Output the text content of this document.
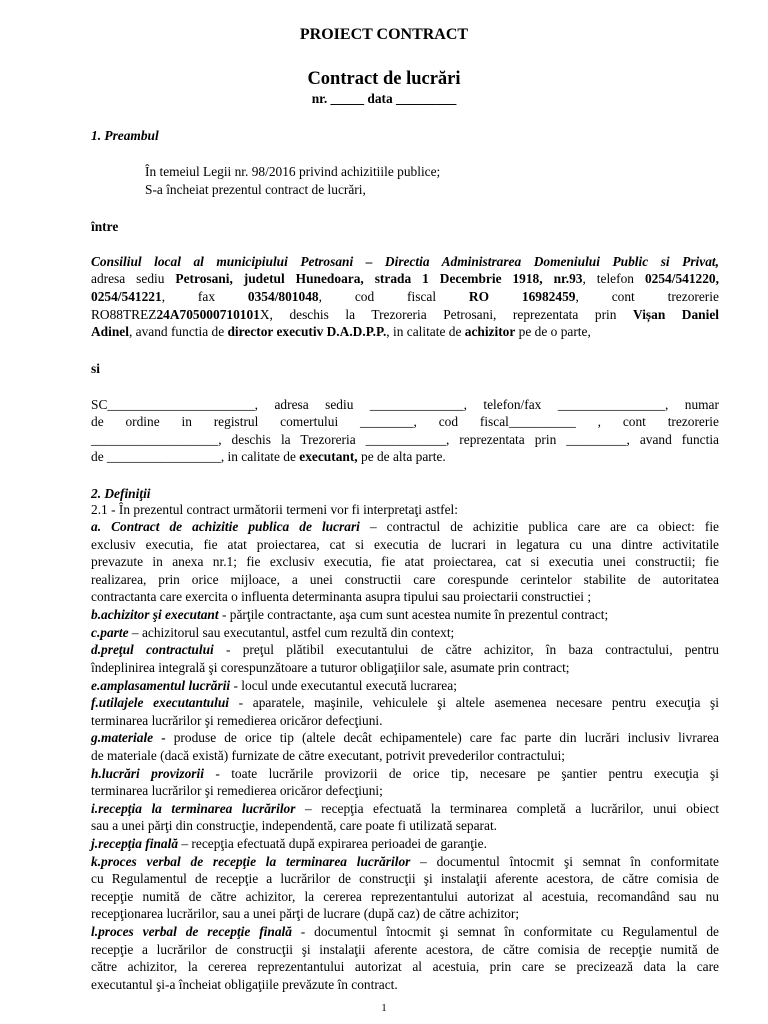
PROIECT CONTRACT
Contract de lucrări
nr. _____ data _________
1. Preambul
În temeiul Legii nr. 98/2016 privind achizitiile publice;
S-a încheiat prezentul contract de lucrări,
între
Consiliul local al municipiului Petrosani – Directia Administrarea Domeniului Public si Privat,
adresa sediu Petrosani, judetul Hunedoara, strada 1 Decembrie 1918, nr.93, telefon 0254/541220,
0254/541221, fax 0354/801048, cod fiscal RO 16982459, cont trezorerie
RO88TREZ24A705000710101X, deschis la Trezoreria Petrosani, reprezentata prin Vișan Daniel
Adinel, avand functia de director executiv D.A.D.P.P., in calitate de achizitor pe de o parte,
si
SC______________________, adresa sediu ______________, telefon/fax ________________, numar
de ordine in registrul comertului ________, cod fiscal__________ , cont trezorerie
___________________, deschis la Trezoreria ____________, reprezentata prin _________, avand functia
de _________________, in calitate de executant, pe de alta parte.
2. Definiţii
2.1 - În prezentul contract următorii termeni vor fi interpretaţi astfel:
a. Contract de achizitie publica de lucrari – contractul de achizitie publica care are ca obiect: fie
exclusiv executia, fie atat proiectarea, cat si executia de lucrari in legatura cu una dintre activitatile
prevazute in anexa nr.1; fie exclusiv executia, fie atat proiectarea, cat si executia unei constructii; fie
realizarea, prin orice mijloace, a unei constructii care corespunde cerintelor stabilite de autoritatea
contractanta care exercita o influenta determinanta asupra tipului sau proiectarii constructiei ;
b.achizitor şi executant - părţile contractante, aşa cum sunt acestea numite în prezentul contract;
c.parte – achizitorul sau executantul, astfel cum rezultă din context;
d.preţul contractului - preţul plătibil executantului de către achizitor, în baza contractului, pentru
îndeplinirea integrală şi corespunzătoare a tuturor obligaţiilor sale, asumate prin contract;
e.amplasamentul lucrării - locul unde executantul execută lucrarea;
f.utilajele executantului - aparatele, maşinile, vehiculele şi altele asemenea necesare pentru execuţia şi
terminarea lucrărilor şi remedierea oricăror defecţiuni.
g.materiale - produse de orice tip (altele decât echipamentele) care fac parte din lucrări inclusiv livrarea
de materiale (dacă există) furnizate de către executant, potrivit prevederilor contractului;
h.lucrări provizorii - toate lucrările provizorii de orice tip, necesare pe şantier pentru execuţia şi
terminarea lucrărilor şi remedierea oricăror defecţiuni;
i.recepţia la terminarea lucrărilor – recepţia efectuată la terminarea completă a lucrărilor, unui obiect
sau a unei părţi din construcţie, independentă, care poate fi utilizată separat.
j.recepţia finală – recepţia efectuată după expirarea perioadei de garanţie.
k.proces verbal de recepţie la terminarea lucrărilor – documentul întocmit şi semnat în conformitate
cu Regulamentul de recepţie a lucrărilor de construcţii şi instalaţii aferente acestora, de către comisia de
recepţie numită de către achizitor, la cererea reprezentantului autorizat al acestuia, recomandând sau nu
recepţionarea lucrărilor, sau a unei părţi de lucrare (după caz) de către achizitor;
l.proces verbal de recepţie finală - documentul întocmit şi semnat în conformitate cu Regulamentul de
recepţie a lucrărilor de construcţii şi instalaţii aferente acestora, de către comisia de recepţie numită de
către achizitor, la cererea reprezentantului autorizat al acestuia, prin care se precizează data la care
executantul şi-a încheiat obligaţiile prevăzute în contract.
1
